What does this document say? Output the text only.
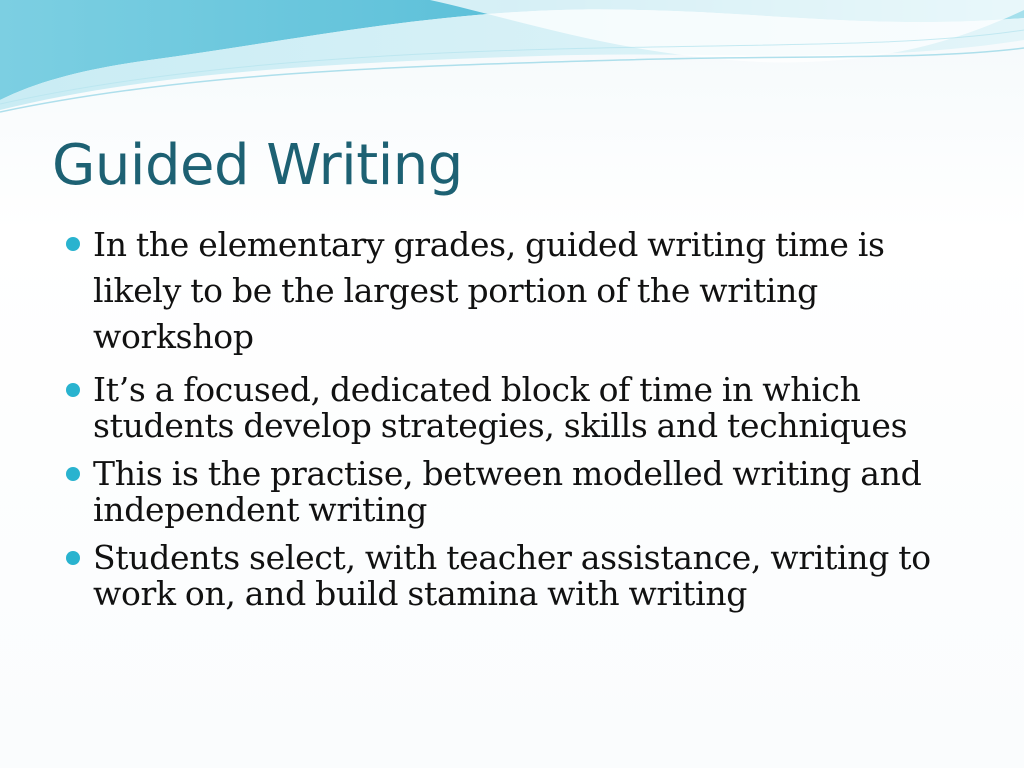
Guided Writing
In the elementary grades, guided writing time is likely to be the largest portion of the writing workshop
It’s a focused, dedicated block of time in which students develop strategies, skills and techniques
This is the practise, between modelled writing and independent writing
Students select, with teacher assistance, writing to work on, and build stamina with writing
